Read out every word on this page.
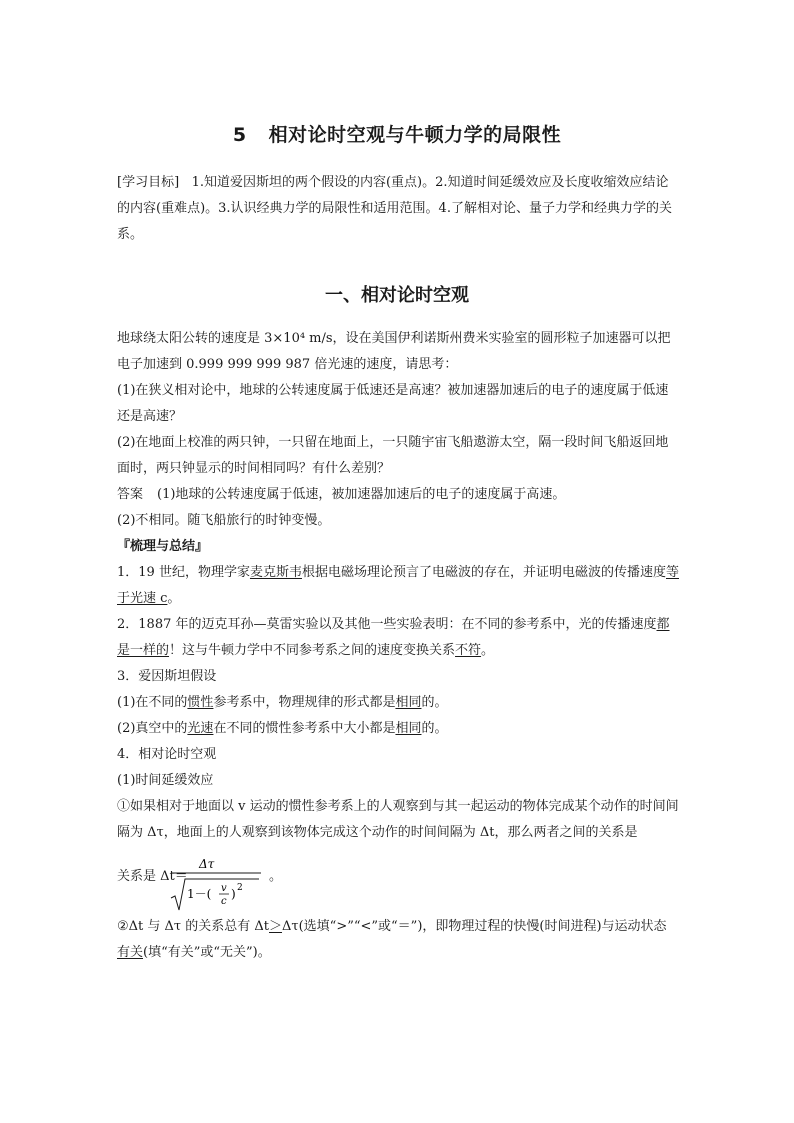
5 相对论时空观与牛顿力学的局限性

[学习目标] 1.知道爱因斯坦的两个假设的内容(重点)。2.知道时间延缓效应及长度收缩效应结论的内容(重难点)。3.认识经典力学的局限性和适用范围。4.了解相对论、量子力学和经典力学的关系。

一、相对论时空观

地球绕太阳公转的速度是 3×10⁴ m/s，设在美国伊利诺斯州费米实验室的圆形粒子加速器可以把电子加速到 0.999 999 999 987 倍光速的速度，请思考：

(1)在狭义相对论中，地球的公转速度属于低速还是高速？被加速器加速后的电子的速度属于低速还是高速？

(2)在地面上校准的两只钟，一只留在地面上，一只随宇宙飞船遨游太空，隔一段时间飞船返回地面时，两只钟显示的时间相同吗？有什么差别？

答案 (1)地球的公转速度属于低速，被加速器加速后的电子的速度属于高速。

(2)不相同。随飞船旅行的时钟变慢。

『梳理与总结』

1．19 世纪，物理学家麦克斯韦根据电磁场理论预言了电磁波的存在，并证明电磁波的传播速度等于光速 c。

2．1887 年的迈克耳孙—莫雷实验以及其他一些实验表明：在不同的参考系中，光的传播速度都是一样的！这与牛顿力学中不同参考系之间的速度变换关系不符。

3．爱因斯坦假设

(1)在不同的惯性参考系中，物理规律的形式都是相同的。

(2)真空中的光速在不同的惯性参考系中大小都是相同的。

4．相对论时空观

(1)时间延缓效应

①如果相对于地面以 v 运动的惯性参考系上的人观察到与其一起运动的物体完成某个动作的时间间隔为 Δτ，地面上的人观察到该物体完成这个动作的时间间隔为 Δt，那么两者之间的关系是

关系是 Δt＝
Δτ
1－( v
c
) 2
。

②Δt 与 Δτ 的关系总有 Δt＞Δτ(选填“>”“<”或“＝”)，即物理过程的快慢(时间进程)与运动状态有关(填“有关”或“无关”)。
